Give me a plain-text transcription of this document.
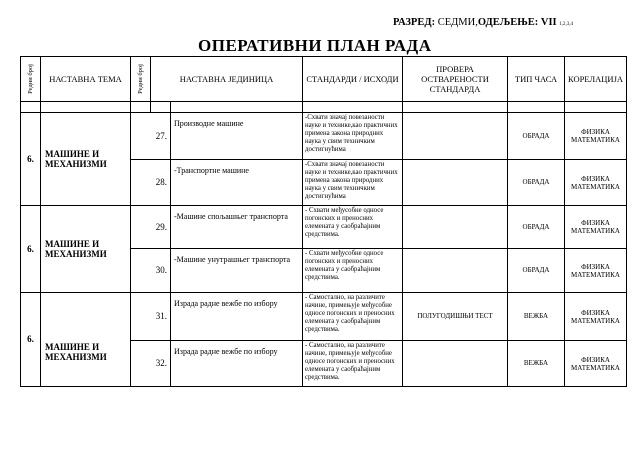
РАЗРЕД: СЕДМИ,ОДЕЉЕЊЕ: VII 1,2,3,4
ОПЕРАТИВНИ ПЛАН РАДА
Редни број	НАСТАВНА ТЕМА	Редни број	НАСТАВНА ЈЕДИНИЦА		СТАНДАРДИ / ИСХОДИ	ПРОВЕРА ОСТВАРЕНОСТИ СТАНДАРДА	ТИП ЧАСА	КОРЕЛАЦИЈА

6.	МАШИНЕ И МЕХАНИЗМИ		27.	Производне машине	-Схвати значај повезаности науке и технике,као практичних примена закона природних наука у свим техничким достигнућима		ОБРАДА	ФИЗИКА МАТЕМАТИКА
			28.	-Транспортне машине	-Схвати значај повезаности науке и технике,као практичних примена закона природних наука у свим техничким достигнућима		ОБРАДА	ФИЗИКА МАТЕМАТИКА
6.	МАШИНЕ И МЕХАНИЗМИ		29.	-Машине спољашњег транспорта	- Схвати међусобне односе погонских и преносних елемената у саобраћајним средствима.		ОБРАДА	ФИЗИКА МАТЕМАТИКА
			30.	-Машине унутрашњег транспорта	- Схвати међусобне односе погонских и преносних елемената у саобраћајним средствима.		ОБРАДА	ФИЗИКА МАТЕМАТИКА
6.	МАШИНЕ И МЕХАНИЗМИ		31.	Израда радне вежбе по избору	- Самостално, на различите начине, примењује међусобне односе погонских и преносних елемената у саобраћајним средствима.	ПОЛУГОДИШЊИ ТЕСТ	ВЕЖБА	ФИЗИКА МАТЕМАТИКА
			32.	Израда радне вежбе по избору	- Самостално, на различите начине, примењује међусобне односе погонских и преносних елемената у саобраћајним средствима.		ВЕЖБА	ФИЗИКА МАТЕМАТИКА
